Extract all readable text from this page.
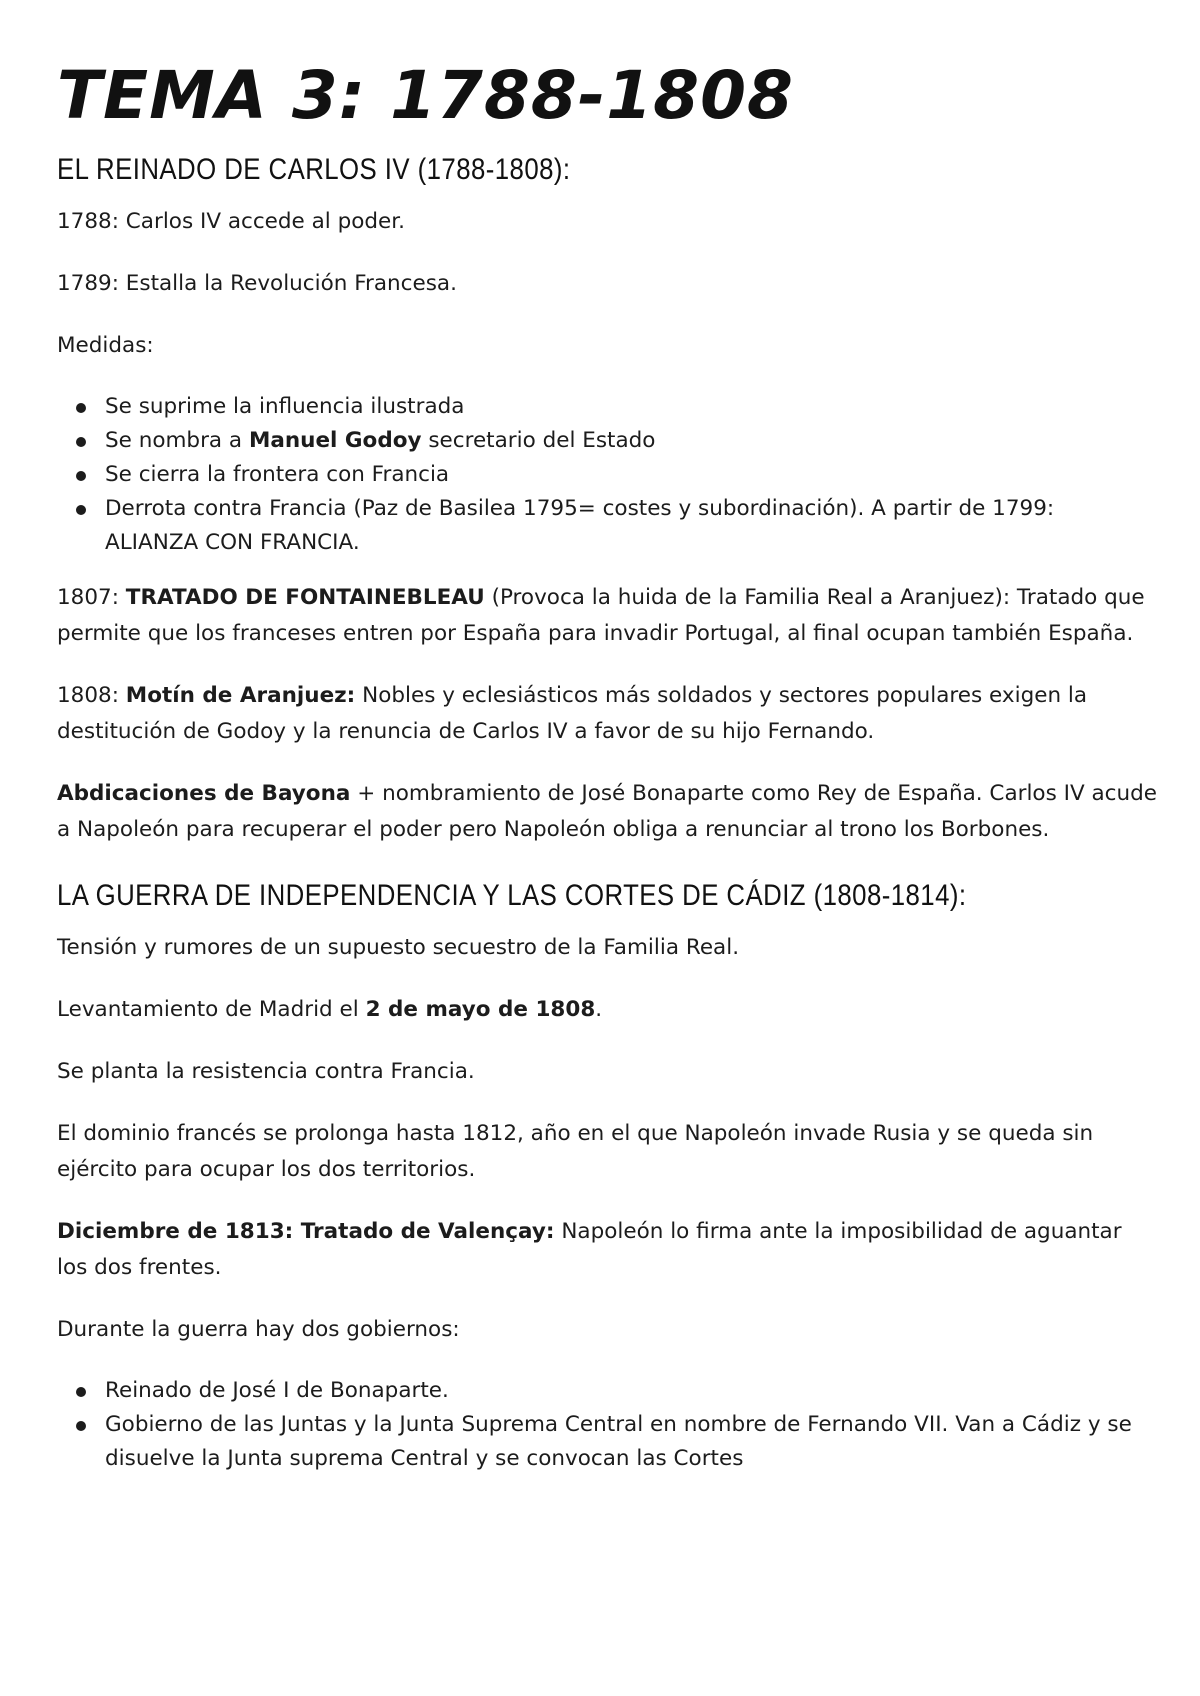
TEMA 3: 1788-1808
EL REINADO DE CARLOS IV (1788-1808):

1788: Carlos IV accede al poder.

1789: Estalla la Revolución Francesa.

Medidas:

Se suprime la influencia ilustrada
Se nombra a Manuel Godoy secretario del Estado
Se cierra la frontera con Francia
Derrota contra Francia (Paz de Basilea 1795= costes y subordinación). A partir de 1799: ALIANZA CON FRANCIA.

1807: TRATADO DE FONTAINEBLEAU (Provoca la huida de la Familia Real a Aranjuez): Tratado que permite que los franceses entren por España para invadir Portugal, al final ocupan también España.

1808: Motín de Aranjuez: Nobles y eclesiásticos más soldados y sectores populares exigen la destitución de Godoy y la renuncia de Carlos IV a favor de su hijo Fernando.

Abdicaciones de Bayona + nombramiento de José Bonaparte como Rey de España. Carlos IV acude a Napoleón para recuperar el poder pero Napoleón obliga a renunciar al trono los Borbones.

LA GUERRA DE INDEPENDENCIA Y LAS CORTES DE CÁDIZ (1808-1814):

Tensión y rumores de un supuesto secuestro de la Familia Real.

Levantamiento de Madrid el 2 de mayo de 1808.

Se planta la resistencia contra Francia.

El dominio francés se prolonga hasta 1812, año en el que Napoleón invade Rusia y se queda sin ejército para ocupar los dos territorios.

Diciembre de 1813: Tratado de Valençay: Napoleón lo firma ante la imposibilidad de aguantar los dos frentes.

Durante la guerra hay dos gobiernos:

Reinado de José I de Bonaparte.
Gobierno de las Juntas y la Junta Suprema Central en nombre de Fernando VII. Van a Cádiz y se disuelve la Junta suprema Central y se convocan las Cortes
